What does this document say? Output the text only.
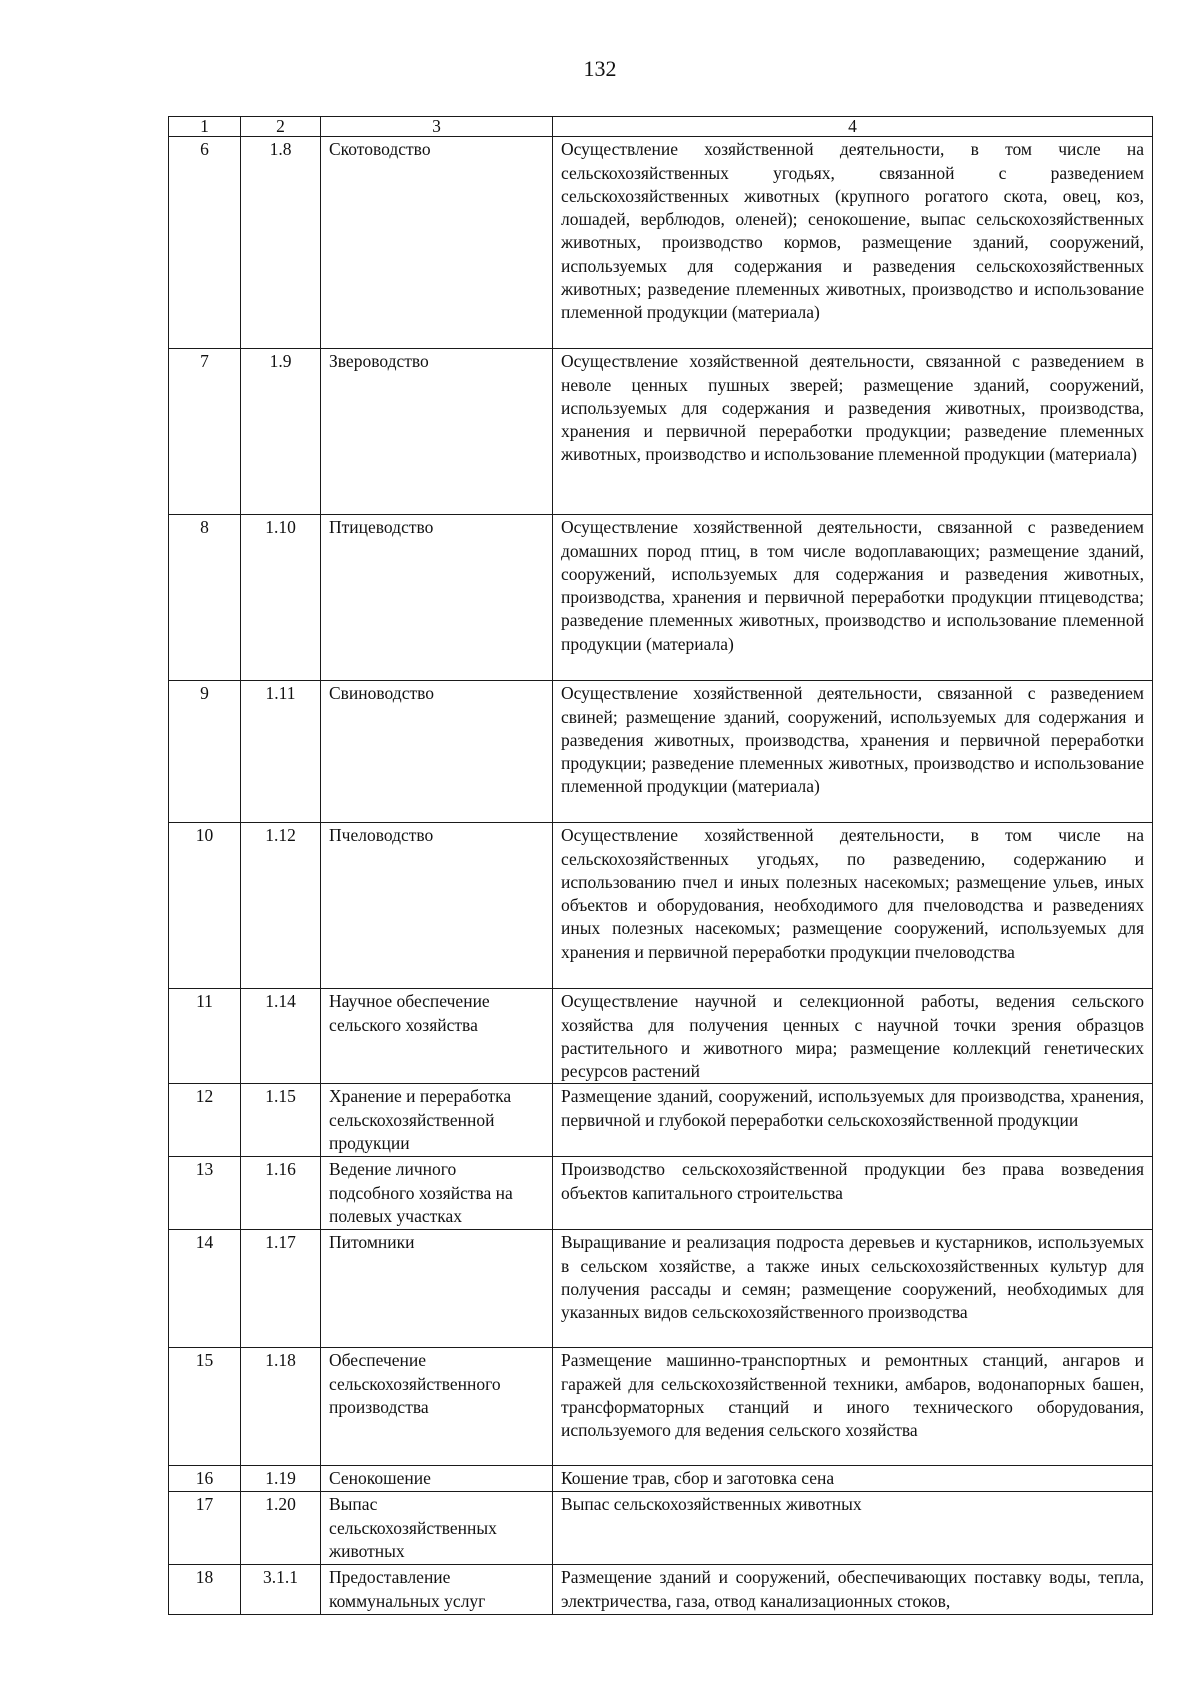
132
1	2	3	4
6	1.8	Скотоводство	Осуществление хозяйственной деятельности, в том числе на сельскохозяйственных угодьях, связанной с разведением сельскохозяйственных животных (крупного рогатого скота, овец, коз, лошадей, верблюдов, оленей); сенокошение, выпас сельскохозяйственных животных, производство кормов, размещение зданий, сооружений, используемых для содержания и разведения сельскохозяйственных животных; разведение племенных животных, производство и использование племенной продукции (материала)
7	1.9	Звероводство	Осуществление хозяйственной деятельности, связанной с разведением в неволе ценных пушных зверей; размещение зданий, сооружений, используемых для содержания и разведения животных, производства, хранения и первичной переработки продукции; разведение племенных животных, производство и использование племенной продукции (материала)
8	1.10	Птицеводство	Осуществление хозяйственной деятельности, связанной с разведением домашних пород птиц, в том числе водоплавающих; размещение зданий, сооружений, используемых для содержания и разведения животных, производства, хранения и первичной переработки продукции птицеводства; разведение племенных животных, производство и использование племенной продукции (материала)
9	1.11	Свиноводство	Осуществление хозяйственной деятельности, связанной с разведением свиней; размещение зданий, сооружений, используемых для содержания и разведения животных, производства, хранения и первичной переработки продукции; разведение племенных животных, производство и использование племенной продукции (материала)
10	1.12	Пчеловодство	Осуществление хозяйственной деятельности, в том числе на сельскохозяйственных угодьях, по разведению, содержанию и использованию пчел и иных полезных насекомых; размещение ульев, иных объектов и оборудования, необходимого для пчеловодства и разведениях иных полезных насекомых; размещение сооружений, используемых для хранения и первичной переработки продукции пчеловодства
11	1.14	Научное обеспечение сельского хозяйства	Осуществление научной и селекционной работы, ведения сельского хозяйства для получения ценных с научной точки зрения образцов растительного и животного мира; размещение коллекций генетических ресурсов растений
12	1.15	Хранение и переработка сельскохозяйственной продукции	Размещение зданий, сооружений, используемых для производства, хранения, первичной и глубокой переработки сельскохозяйственной продукции
13	1.16	Ведение личного подсобного хозяйства на полевых участках	Производство сельскохозяйственной продукции без права возведения объектов капитального строительства
14	1.17	Питомники	Выращивание и реализация подроста деревьев и кустарников, используемых в сельском хозяйстве, а также иных сельскохозяйственных культур для получения рассады и семян; размещение сооружений, необходимых для указанных видов сельскохозяйственного производства
15	1.18	Обеспечение сельскохозяйственного производства	Размещение машинно-транспортных и ремонтных станций, ангаров и гаражей для сельскохозяйственной техники, амбаров, водонапорных башен, трансформаторных станций и иного технического оборудования, используемого для ведения сельского хозяйства
16	1.19	Сенокошение	Кошение трав, сбор и заготовка сена
17	1.20	Выпас сельскохозяйственных животных	Выпас сельскохозяйственных животных
18	3.1.1	Предоставление коммунальных услуг	Размещение зданий и сооружений, обеспечивающих поставку воды, тепла, электричества, газа, отвод канализационных стоков,
